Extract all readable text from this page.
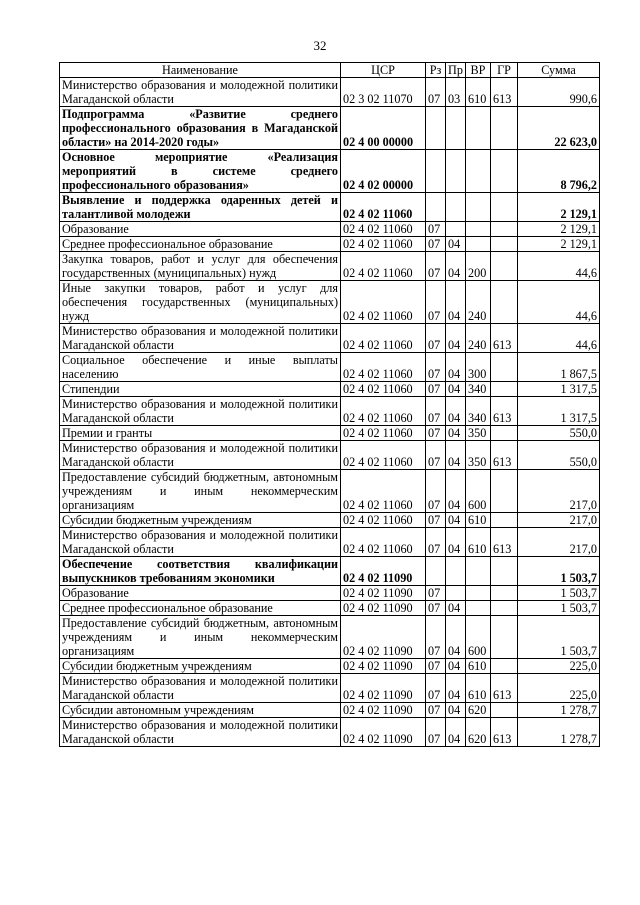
32
Наименование	ЦСР	Рз	Пр	ВР	ГР	Сумма
Министерство образования и молодежной политики Магаданской области	02 3 02 11070	07	03	610	613	990,6
Подпрограмма «Развитие среднего профессионального образования в Магаданской области» на 2014-2020 годы»	02 4 00 00000					22 623,0
Основное мероприятие «Реализация мероприятий в системе среднего профессионального образования»	02 4 02 00000					8 796,2
Выявление и поддержка одаренных детей и талантливой молодежи	02 4 02 11060					2 129,1
Образование	02 4 02 11060	07				2 129,1
Среднее профессиональное образование	02 4 02 11060	07	04			2 129,1
Закупка товаров, работ и услуг для обеспечения государственных (муниципальных) нужд	02 4 02 11060	07	04	200		44,6
Иные закупки товаров, работ и услуг для обеспечения государственных (муниципальных) нужд	02 4 02 11060	07	04	240		44,6
Министерство образования и молодежной политики Магаданской области	02 4 02 11060	07	04	240	613	44,6
Социальное обеспечение и иные выплаты населению	02 4 02 11060	07	04	300		1 867,5
Стипендии	02 4 02 11060	07	04	340		1 317,5
Министерство образования и молодежной политики Магаданской области	02 4 02 11060	07	04	340	613	1 317,5
Премии и гранты	02 4 02 11060	07	04	350		550,0
Министерство образования и молодежной политики Магаданской области	02 4 02 11060	07	04	350	613	550,0
Предоставление субсидий бюджетным, автономным учреждениям и иным некоммерческим организациям	02 4 02 11060	07	04	600		217,0
Субсидии бюджетным учреждениям	02 4 02 11060	07	04	610		217,0
Министерство образования и молодежной политики Магаданской области	02 4 02 11060	07	04	610	613	217,0
Обеспечение соответствия квалификации выпускников требованиям экономики	02 4 02 11090					1 503,7
Образование	02 4 02 11090	07				1 503,7
Среднее профессиональное образование	02 4 02 11090	07	04			1 503,7
Предоставление субсидий бюджетным, автономным учреждениям и иным некоммерческим организациям	02 4 02 11090	07	04	600		1 503,7
Субсидии бюджетным учреждениям	02 4 02 11090	07	04	610		225,0
Министерство образования и молодежной политики Магаданской области	02 4 02 11090	07	04	610	613	225,0
Субсидии автономным учреждениям	02 4 02 11090	07	04	620		1 278,7
Министерство образования и молодежной политики Магаданской области	02 4 02 11090	07	04	620	613	1 278,7
